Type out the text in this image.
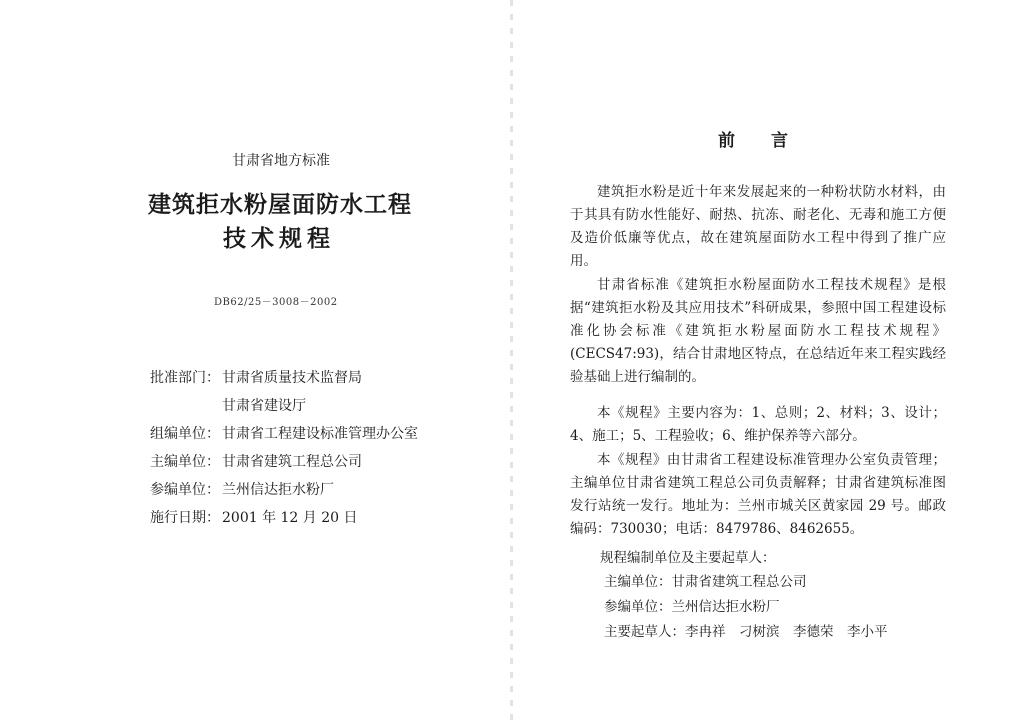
甘肃省地方标准
建筑拒水粉屋面防水工程
技术规程
DB62/25－3008－2002
批准部门： 甘肃省质量技术监督局
甘肃省建设厅
组编单位： 甘肃省工程建设标准管理办公室
主编单位： 甘肃省建筑工程总公司
参编单位： 兰州信达拒水粉厂
施行日期： 2001 年 12 月 20 日
前言

建筑拒水粉是近十年来发展起来的一种粉状防水材料，由于其具有防水性能好、耐热、抗冻、耐老化、无毒和施工方便及造价低廉等优点，故在建筑屋面防水工程中得到了推广应用。

甘肃省标准《建筑拒水粉屋面防水工程技术规程》是根据“建筑拒水粉及其应用技术”科研成果，参照中国工程建设标准化协会标准《建筑拒水粉屋面防水工程技术规程》(CECS47:93)，结合甘肃地区特点，在总结近年来工程实践经验基础上进行编制的。

本《规程》主要内容为：1、总则；2、材料；3、设计；4、施工；5、工程验收；6、维护保养等六部分。

本《规程》由甘肃省工程建设标准管理办公室负责管理；主编单位甘肃省建筑工程总公司负责解释；甘肃省建筑标准图发行站统一发行。地址为：兰州市城关区黄家园 29 号。邮政编码：730030；电话：8479786、8462655。

规程编制单位及主要起草人：
主编单位：甘肃省建筑工程总公司
参编单位：兰州信达拒水粉厂
主要起草人：李冉祥　刁树滨　李德荣　李小平
